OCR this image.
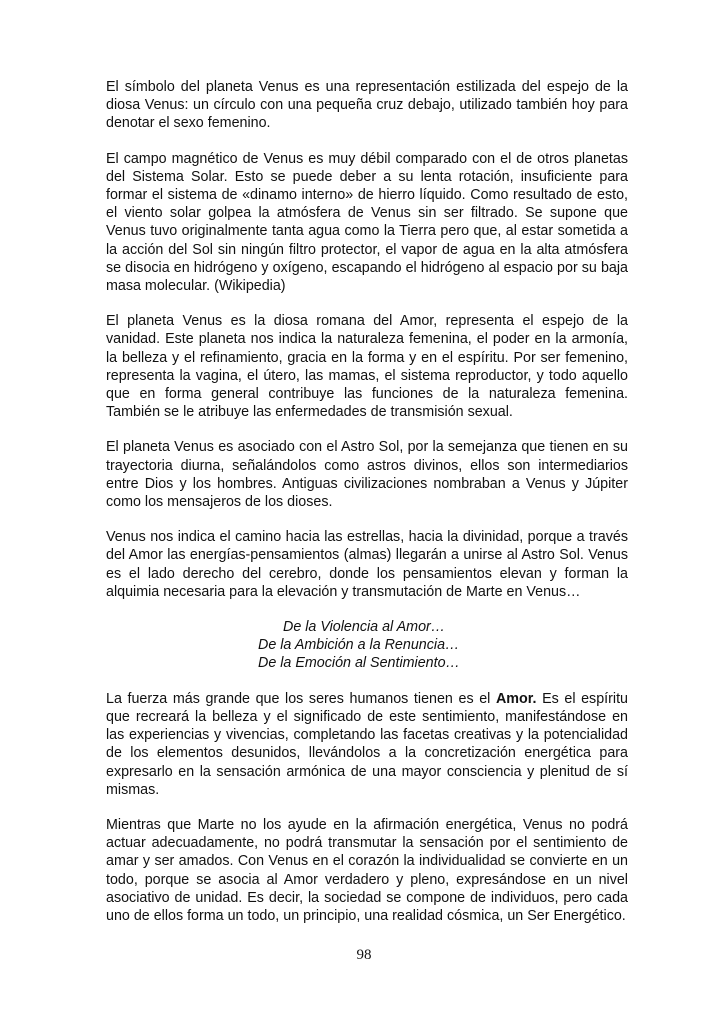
El símbolo del planeta Venus es una representación estilizada del espejo de la diosa Venus: un círculo con una pequeña cruz debajo, utilizado también hoy para denotar el sexo femenino.

El campo magnético de Venus es muy débil comparado con el de otros planetas del Sistema Solar. Esto se puede deber a su lenta rotación, insuficiente para formar el sistema de «dinamo interno» de hierro líquido. Como resultado de esto, el viento solar golpea la atmósfera de Venus sin ser filtrado. Se supone que Venus tuvo originalmente tanta agua como la Tierra pero que, al estar sometida a la acción del Sol sin ningún filtro protector, el vapor de agua en la alta atmósfera se disocia en hidrógeno y oxígeno, escapando el hidrógeno al espacio por su baja masa molecular. (Wikipedia)

El planeta Venus es la diosa romana del Amor, representa el espejo de la vanidad. Este planeta nos indica la naturaleza femenina, el poder en la armonía, la belleza y el refinamiento, gracia en la forma y en el espíritu. Por ser femenino, representa la vagina, el útero, las mamas, el sistema reproductor, y todo aquello que en forma general contribuye las funciones de la naturaleza femenina. También se le atribuye las enfermedades de transmisión sexual.

El planeta Venus es asociado con el Astro Sol, por la semejanza que tienen en su trayectoria diurna, señalándolos como astros divinos, ellos son intermediarios entre Dios y los hombres. Antiguas civilizaciones nombraban a Venus y Júpiter como los mensajeros de los dioses.

Venus nos indica el camino hacia las estrellas, hacia la divinidad, porque a través del Amor las energías-pensamientos (almas) llegarán a unirse al Astro Sol. Venus es el lado derecho del cerebro, donde los pensamientos elevan y forman la alquimia necesaria para la elevación y transmutación de Marte en Venus…

De la Violencia al Amor…
De la Ambición a la Renuncia…
De la Emoción al Sentimiento…

La fuerza más grande que los seres humanos tienen es el Amor. Es el espíritu que recreará la belleza y el significado de este sentimiento, manifestándose en las experiencias y vivencias, completando las facetas creativas y la potencialidad de los elementos desunidos, llevándolos a la concretización energética para expresarlo en la sensación armónica de una mayor consciencia y plenitud de sí mismas.

Mientras que Marte no los ayude en la afirmación energética, Venus no podrá actuar adecuadamente, no podrá transmutar la sensación por el sentimiento de amar y ser amados. Con Venus en el corazón la individualidad se convierte en un todo, porque se asocia al Amor verdadero y pleno, expresándose en un nivel asociativo de unidad. Es decir, la sociedad se compone de individuos, pero cada uno de ellos forma un todo, un principio, una realidad cósmica, un Ser Energético.

98
